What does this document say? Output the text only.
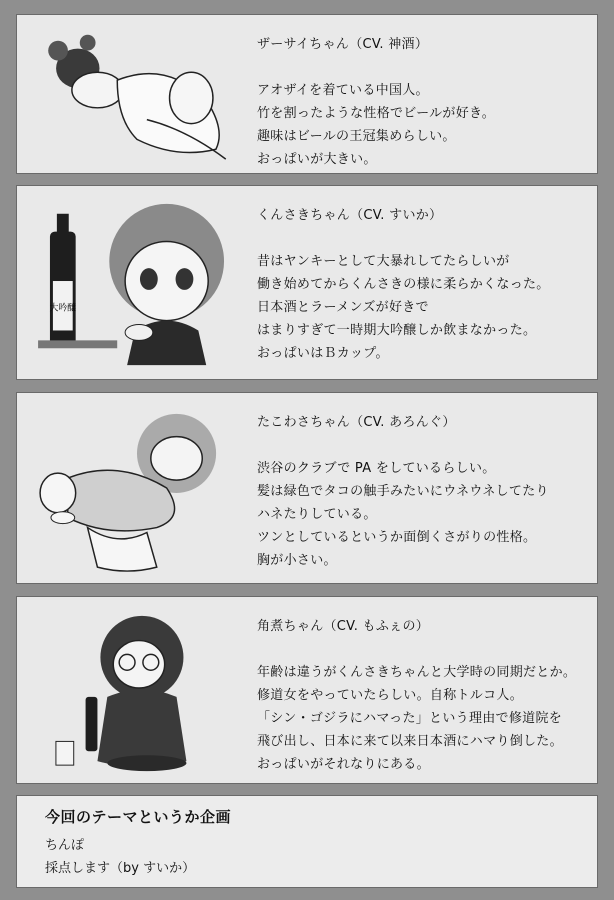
ザーサイちゃん（CV. 神酒）
アオザイを着ている中国人。
竹を割ったような性格でビールが好き。
趣味はビールの王冠集めらしい。
おっぱいが大きい。
大吟醸
くんさきちゃん（CV. すいか）
昔はヤンキーとして大暴れしてたらしいが
働き始めてからくんさきの様に柔らかくなった。
日本酒とラーメンズが好きで
はまりすぎて一時期大吟醸しか飲まなかった。
おっぱいはＢカップ。
たこわさちゃん（CV. あろんぐ）
渋谷のクラブで PA をしているらしい。
髪は緑色でタコの触手みたいにウネウネしてたり
ハネたりしている。
ツンとしているというか面倒くさがりの性格。
胸が小さい。
角煮ちゃん（CV. もふぇの）
年齢は違うがくんさきちゃんと大学時の同期だとか。
修道女をやっていたらしい。自称トルコ人。
「シン・ゴジラにハマった」という理由で修道院を
飛び出し、日本に来て以来日本酒にハマり倒した。
おっぱいがそれなりにある。
今回のテーマというか企画
ちんぽ
採点します（by すいか）
